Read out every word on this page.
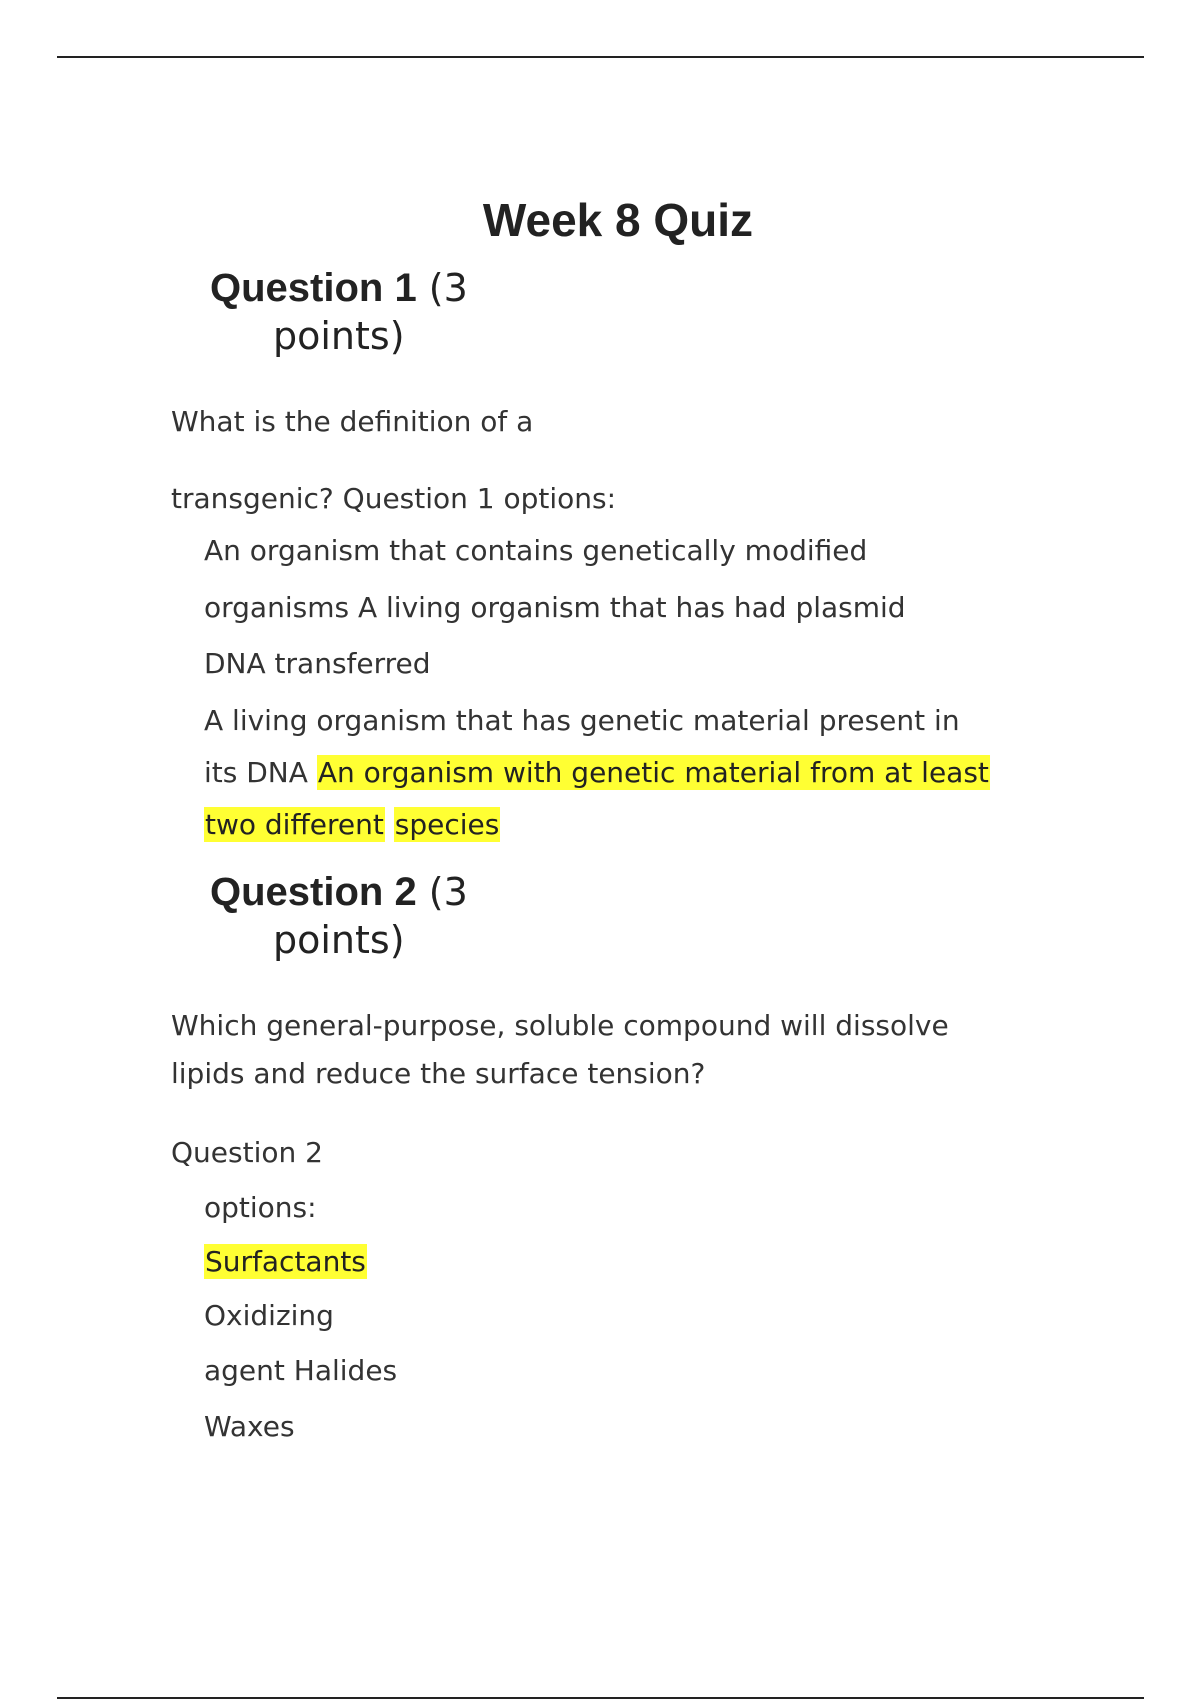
Week 8 Quiz
Question 1 (3
points)
What is the definition of a
transgenic? Question 1 options:
An organism that contains genetically modified
organisms A living organism that has had plasmid
DNA transferred
A living organism that has genetic material present in
its DNA An organism with genetic material from at least
two different species
Question 2 (3
points)
Which general-purpose, soluble compound will dissolve
lipids and reduce the surface tension?
Question 2
options:
Surfactants
Oxidizing
agent Halides
Waxes
